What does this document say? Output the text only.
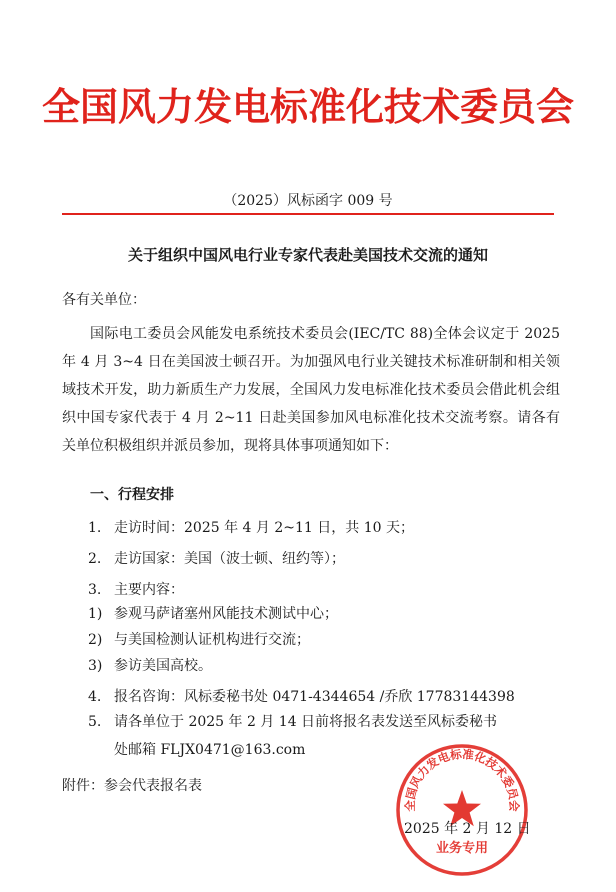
全国风力发电标准化技术委员会
（2025）风标函字 009 号
关于组织中国风电行业专家代表赴美国技术交流的通知
各有关单位：
国际电工委员会风能发电系统技术委员会(IEC/TC 88)全体会议定于 2025 年 4 月 3~4 日在美国波士顿召开。为加强风电行业关键技术标准研制和相关领域技术开发，助力新质生产力发展，全国风力发电标准化技术委员会借此机会组织中国专家代表于 4 月 2~11 日赴美国参加风电标准化技术交流考察。请各有关单位积极组织并派员参加，现将具体事项通知如下：
一、行程安排
1. 走访时间：2025 年 4 月 2~11 日，共 10 天；
2. 走访国家：美国（波士顿、纽约等）；
3. 主要内容：
1) 参观马萨诸塞州风能技术测试中心；
2) 与美国检测认证机构进行交流；
3) 参访美国高校。
4. 报名咨询：风标委秘书处 0471-4344654 /乔欣 17783144398
5. 请各单位于 2025 年 2 月 14 日前将报名表发送至风标委秘书
处邮箱 FLJX0471@163.com
附件：参会代表报名表
全国风力发电标准化技术委员会
业务专用
2025 年 2 月 12 日
